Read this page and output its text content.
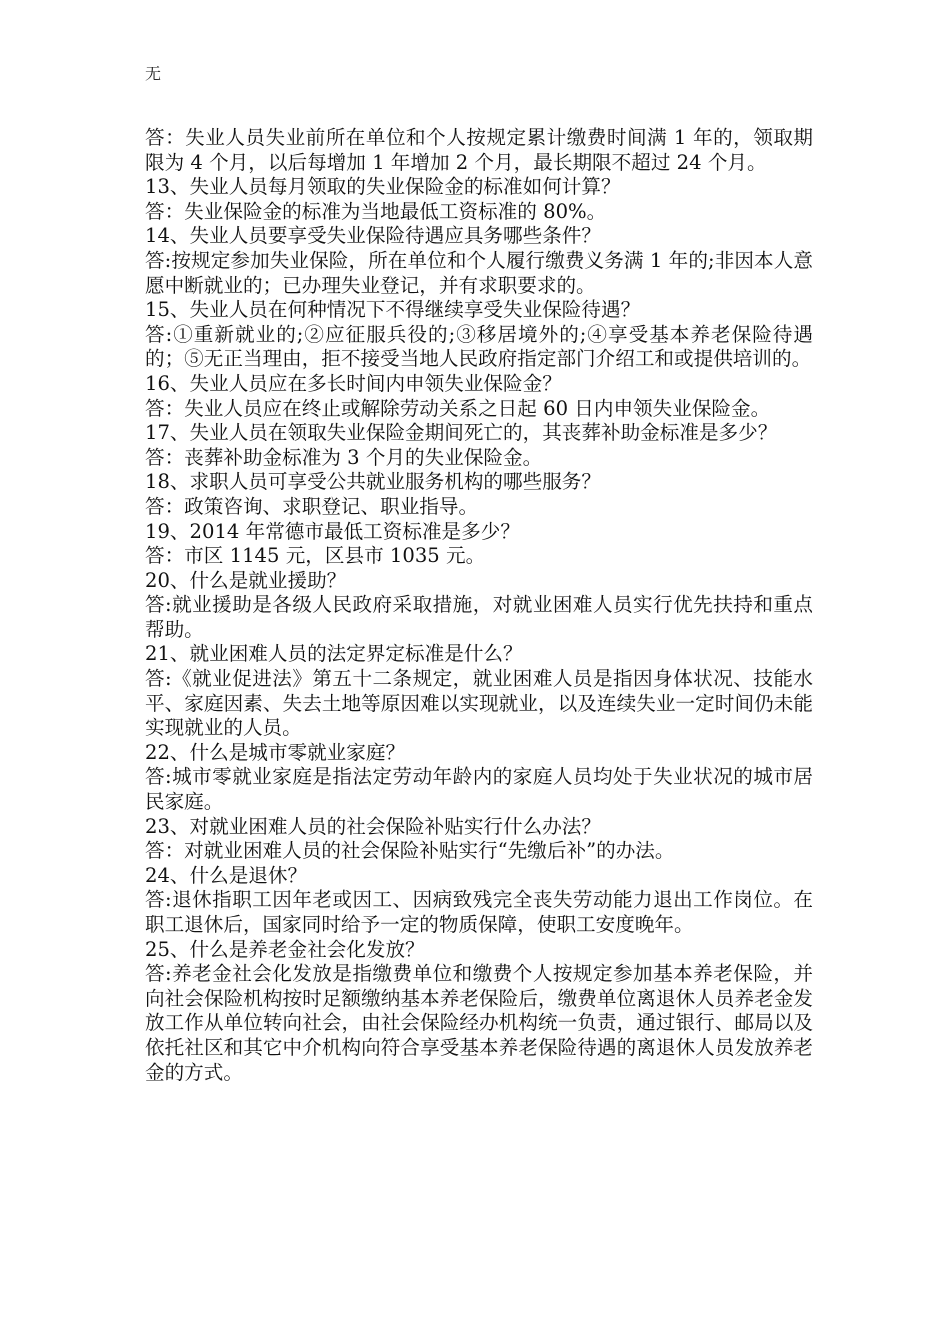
无

答：失业人员失业前所在单位和个人按规定累计缴费时间满 1 年的，领取期限为 4 个月，以后每增加 1 年增加 2 个月，最长期限不超过 24 个月。

13、失业人员每月领取的失业保险金的标准如何计算？

答：失业保险金的标准为当地最低工资标准的 80%。

14、失业人员要享受失业保险待遇应具务哪些条件？

答:按规定参加失业保险，所在单位和个人履行缴费义务满 1 年的;非因本人意愿中断就业的；已办理失业登记，并有求职要求的。

15、失业人员在何种情况下不得继续享受失业保险待遇？

答:①重新就业的;②应征服兵役的;③移居境外的;④享受基本养老保险待遇的；⑤无正当理由，拒不接受当地人民政府指定部门介绍工和或提供培训的。

16、失业人员应在多长时间内申领失业保险金？

答：失业人员应在终止或解除劳动关系之日起 60 日内申领失业保险金。

17、失业人员在领取失业保险金期间死亡的，其丧葬补助金标准是多少？

答：丧葬补助金标准为 3 个月的失业保险金。

18、求职人员可享受公共就业服务机构的哪些服务？

答：政策咨询、求职登记、职业指导。

19、2014 年常德市最低工资标准是多少？

答：市区 1145 元，区县市 1035 元。

20、什么是就业援助？

答:就业援助是各级人民政府采取措施，对就业困难人员实行优先扶持和重点帮助。

21、就业困难人员的法定界定标准是什么？

答:《就业促进法》第五十二条规定，就业困难人员是指因身体状况、技能水平、家庭因素、失去土地等原因难以实现就业，以及连续失业一定时间仍未能实现就业的人员。

22、什么是城市零就业家庭？

答:城市零就业家庭是指法定劳动年龄内的家庭人员均处于失业状况的城市居民家庭。

23、对就业困难人员的社会保险补贴实行什么办法？

答：对就业困难人员的社会保险补贴实行“先缴后补”的办法。

24、什么是退休？

答:退休指职工因年老或因工、因病致残完全丧失劳动能力退出工作岗位。在职工退休后，国家同时给予一定的物质保障，使职工安度晚年。

25、什么是养老金社会化发放？

答:养老金社会化发放是指缴费单位和缴费个人按规定参加基本养老保险，并向社会保险机构按时足额缴纳基本养老保险后，缴费单位离退休人员养老金发放工作从单位转向社会，由社会保险经办机构统一负责，通过银行、邮局以及依托社区和其它中介机构向符合享受基本养老保险待遇的离退休人员发放养老金的方式。
